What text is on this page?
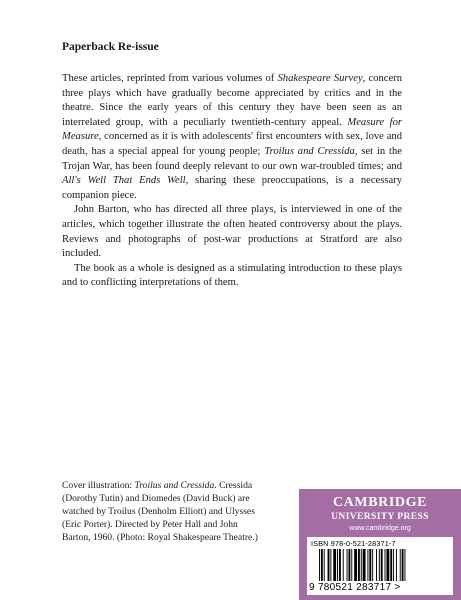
Paperback Re-issue

These articles, reprinted from various volumes of Shakespeare Survey, concern three plays which have gradually become appreciated by critics and in the theatre. Since the early years of this century they have been seen as an interrelated group, with a peculiarly twentieth-century appeal. Measure for Measure, concerned as it is with adolescents' first encounters with sex, love and death, has a special appeal for young people; Troilus and Cressida, set in the Trojan War, has been found deeply relevant to our own war-troubled times; and All's Well That Ends Well, sharing these preoccupations, is a necessary companion piece.

John Barton, who has directed all three plays, is interviewed in one of the articles, which together illustrate the often heated controversy about the plays. Reviews and photographs of post-war productions at Stratford are also included.

The book as a whole is designed as a stimulating introduction to these plays and to conflicting interpretations of them.

Cover illustration: Troilus and Cressida. Cressida (Dorothy Tutin) and Diomedes (David Buck) are watched by Troilus (Denholm Elliott) and Ulysses (Eric Porter). Directed by Peter Hall and John Barton, 1960. (Photo: Royal Shakespeare Theatre.)
CAMBRIDGE
UNIVERSITY PRESS
www.cambridge.org
ISBN 978-0-521-28371-7
9 780521 283717 >
